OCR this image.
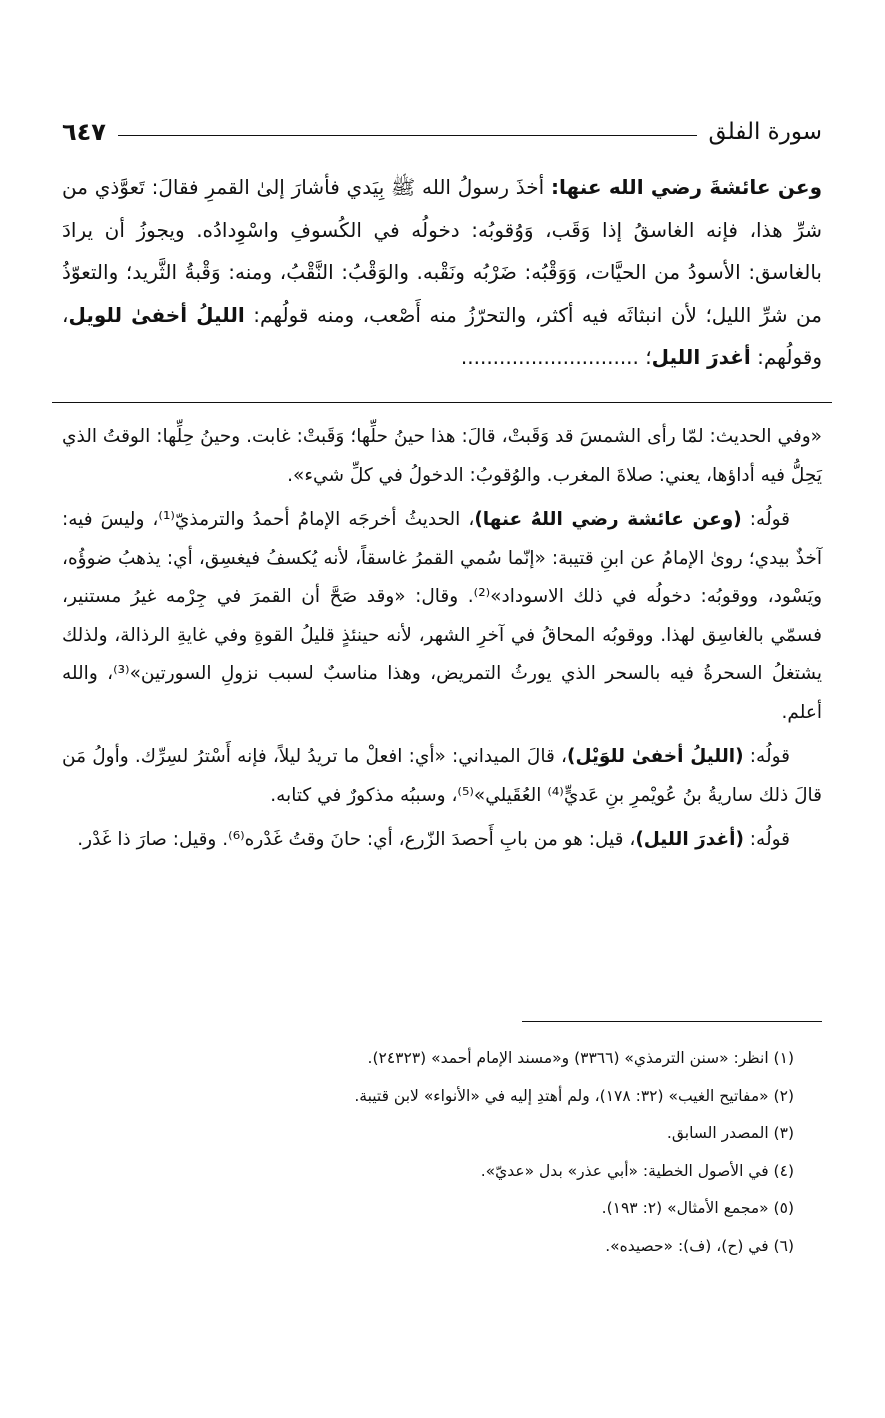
سورة الفلق
٦٤٧

وعن عائشةَ رضي الله عنها: أخذَ رسولُ الله ﷺ بِيَدي فأشارَ إلىٰ القمرِ فقالَ: تَعوَّذي من شرِّ هذا، فإنه الغاسقُ إذا وَقَب، وَوُقوبُه: دخولُه في الكُسوفِ واسْوِدادُه. ويجوزُ أن يرادَ بالغاسق: الأسودُ من الحيَّات، وَوَقْبُه: ضَرْبُه ونَقْبه. والوَقْبُ: النَّقْبُ، ومنه: وَقْبةُ الثَّريد؛ والتعوّذُ من شرِّ الليل؛ لأن انبثاثَه فيه أكثر، والتحرّزُ منه أَصْعب، ومنه قولُهم: الليلُ أخفىٰ للويل، وقولُهم: أغدرَ الليل؛ ............................

«وفي الحديث: لمّا رأى الشمسَ قد وَقَبتْ، قالَ: هذا حينُ حلِّها؛ وَقَبتْ: غابت. وحينُ حِلِّها: الوقتُ الذي يَحِلُّ فيه أداؤها، يعني: صلاةَ المغرب. والوُقوبُ: الدخولُ في كلِّ شيء».

قولُه: (وعن عائشة رضي اللهُ عنها)، الحديثُ أخرجَه الإمامُ أحمدُ والترمذيّ⁽¹⁾، وليسَ فيه: آخذٌ بيدي؛ روىٰ الإمامُ عن ابنِ قتيبة: «إنّما سُمي القمرُ غاسقاً، لأنه يُكسفُ فيغسِق، أي: يذهبُ ضوؤُه، ويَسْود، ووقوبُه: دخولُه في ذلك الاسوداد»⁽²⁾. وقال: «وقد صَحَّ أن القمرَ في جِرْمه غيرُ مستنير، فسمّي بالغاسِق لهذا. ووقوبُه المحاقُ في آخرِ الشهر، لأنه حينئذٍ قليلُ القوةِ وفي غايةِ الرذالة، ولذلك يشتغلُ السحرةُ فيه بالسحر الذي يورثُ التمريض، وهذا مناسبٌ لسبب نزولِ السورتين»⁽³⁾، والله أعلم.

قولُه: (الليلُ أخفىٰ للوَيْل)، قالَ الميداني: «أي: افعلْ ما تريدُ ليلاً، فإنه أَسْترُ لسِرِّك. وأولُ مَن قالَ ذلك ساريةُ بنُ عُويْمرِ بنِ عَديٍّ⁽⁴⁾ العُقَيلي»⁽⁵⁾، وسببُه مذكورٌ في كتابه.

قولُه: (أغدرَ الليل)، قيل: هو من بابِ أَحصدَ الزّرع، أي: حانَ وقتُ غَدْره⁽⁶⁾. وقيل: صارَ ذا غَدْر.

(١) انظر: «سنن الترمذي» (٣٣٦٦) و«مسند الإمام أحمد» (٢٤٣٢٣).

(٢) «مفاتيح الغيب» (٣٢: ١٧٨)، ولم أهتدِ إليه في «الأنواء» لابن قتيبة.

(٣) المصدر السابق.

(٤) في الأصول الخطية: «أبي عذر» بدل «عديّ».

(٥) «مجمع الأمثال» (٢: ١٩٣).

(٦) في (ح)، (ف): «حصيده».
